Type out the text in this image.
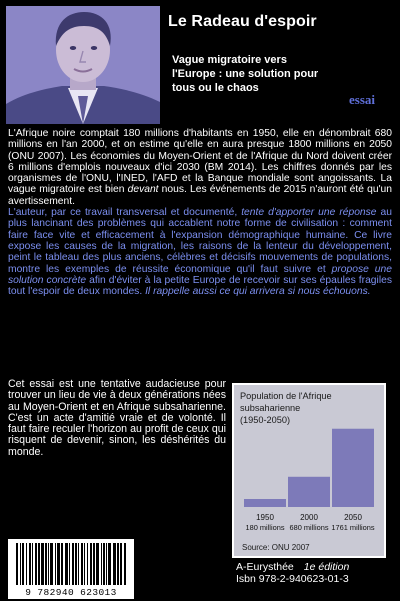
Le Radeau d'espoir
Vague migratoire vers
l'Europe : une solution pour
tous ou le chaos
essai

L'Afrique noire comptait 180 millions d'habitants en 1950, elle en dénombrait 680 millions en l'an 2000, et on estime qu'elle en aura presque 1800 millions en 2050 (ONU 2007). Les économies du Moyen-Orient et de l'Afrique du Nord doivent créer 6 millions d'emplois nouveaux d'ici 2030 (BM 2014). Les chiffres donnés par les organismes de l'ONU, l'INED, l'AFD et la Banque mondiale sont angoissants. La vague migratoire est bien devant nous. Les événements de 2015 n'auront été qu'un avertissement.
L'auteur, par ce travail transversal et documenté, tente d'apporter une réponse au plus lancinant des problèmes qui accablent notre forme de civilisation : comment faire face vite et efficacement à l'expansion démographique humaine. Ce livre expose les causes de la migration, les raisons de la lenteur du développement, peint le tableau des plus anciens, célèbres et décisifs mouvements de populations, montre les exemples de réussite économique qu'il faut suivre et propose une solution concrète afin d'éviter à la petite Europe de recevoir sur ses épaules fragiles tout l'espoir de deux mondes. Il rappelle aussi ce qui arrivera si nous échouons.

Cet essai est une tentative audacieuse pour trouver un lieu de vie à deux générations nées au Moyen-Orient et en Afrique subsaharienne. C'est un acte d'amitié vraie et de volonté. Il faut faire reculer l'horizon au profit de ceux qui risquent de devenir, sinon, les déshérités du monde.

Population de l'Afrique
subsaharienne
(1950-2050)
1950
180 millions
2000
680 millions
2050
1761 millions
Source: ONU 2007
9 782940 623013
A-Eurysthée 1e édition
Isbn 978-2-940623-01-3
